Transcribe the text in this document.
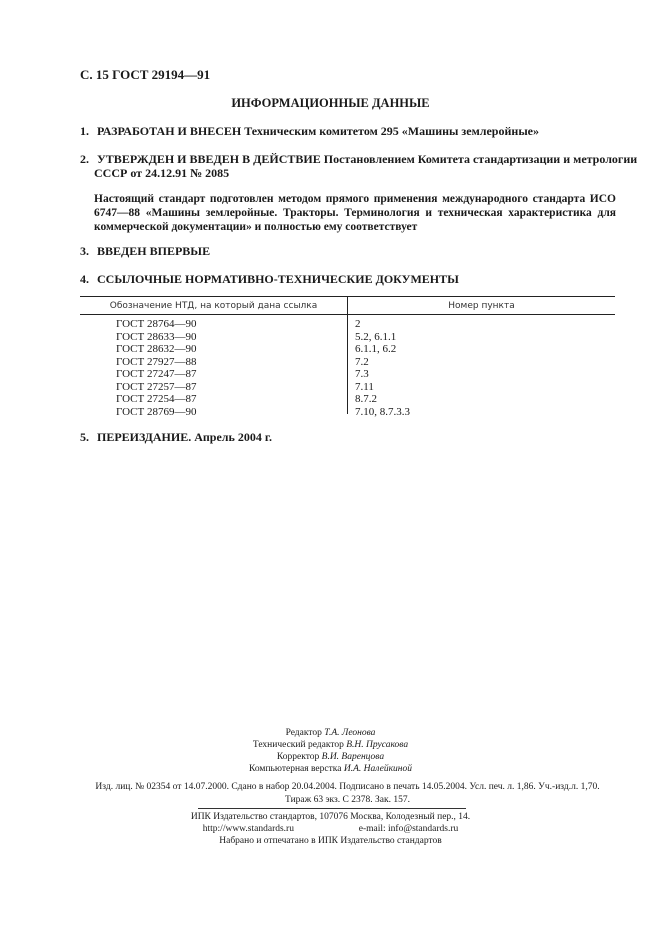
С. 15 ГОСТ 29194—91
ИНФОРМАЦИОННЫЕ ДАННЫЕ
1. РАЗРАБОТАН И ВНЕСЕН Техническим комитетом 295 «Машины землеройные»
2. УТВЕРЖДЕН И ВВЕДЕН В ДЕЙСТВИЕ Постановлением Комитета стандартизации и метрологии
СССР от 24.12.91 № 2085
Настоящий стандарт подготовлен методом прямого применения международного стандарта ИСО 6747—88 «Машины землеройные. Тракторы. Терминология и техническая характеристика для коммерческой документации» и полностью ему соответствует
3. ВВЕДЕН ВПЕРВЫЕ
4. ССЫЛОЧНЫЕ НОРМАТИВНО-ТЕХНИЧЕСКИЕ ДОКУМЕНТЫ
Обозначение НТД, на который дана ссылка	Номер пункта
ГОСТ 28764—90
ГОСТ 28633—90
ГОСТ 28632—90
ГОСТ 27927—88
ГОСТ 27247—87
ГОСТ 27257—87
ГОСТ 27254—87
ГОСТ 28769—90
2
5.2, 6.1.1
6.1.1, 6.2
7.2
7.3
7.11
8.7.2
7.10, 8.7.3.3
5. ПЕРЕИЗДАНИЕ. Апрель 2004 г.
Редактор Т.А. Леонова
Технический редактор В.Н. Прусакова
Корректор В.И. Варенцова
Компьютерная верстка И.А. Налейкиной
Изд. лиц. № 02354 от 14.07.2000. Сдано в набор 20.04.2004. Подписано в печать 14.05.2004. Усл. печ. л. 1,86. Уч.-изд.л. 1,70.
Тираж 63 экз. С 2378. Зак. 157.
ИПК Издательство стандартов, 107076 Москва, Колодезный пер., 14.
http://www.standards.ru	e-mail: info@standards.ru
Набрано и отпечатано в ИПК Издательство стандартов
